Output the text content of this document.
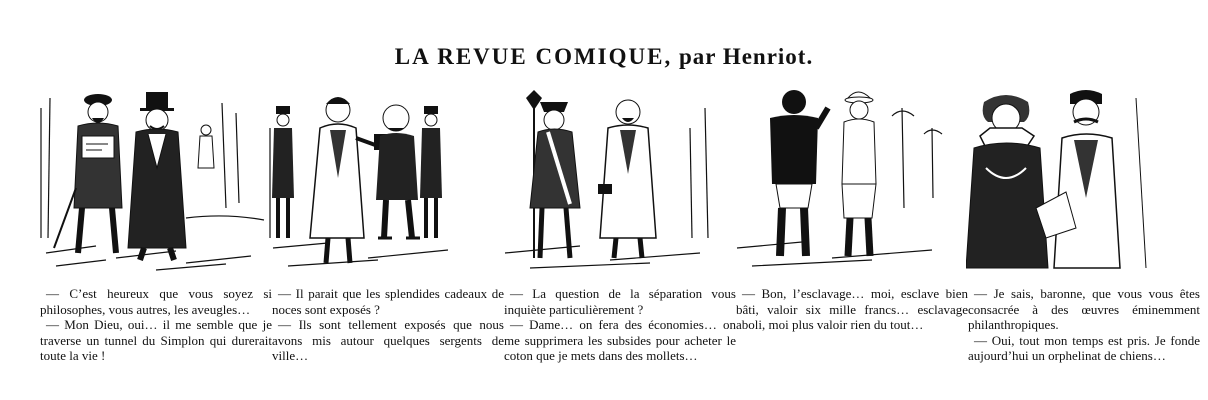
LA REVUE COMIQUE, par Henriot.

— C’est heureux que vous soyez si philosophes, vous autres, les aveugles…

— Mon Dieu, oui… il me semble que je traverse un tunnel du Simplon qui durerait toute la vie !

— Il parait que les splendides cadeaux de noces sont exposés ?

— Ils sont tellement exposés que nous avons mis autour quelques sergents de ville…

— La question de la séparation vous inquiète particulièrement ?

— Dame… on fera des économies… on me supprimera les subsides pour acheter le coton que je mets dans des mollets…

— Bon, l’esclavage… moi, esclave bien bâti, valoir six mille francs… esclavage aboli, moi plus valoir rien du tout…

— Je sais, baronne, que vous vous êtes consacrée à des œuvres éminemment philanthropiques.

— Oui, tout mon temps est pris. Je fonde aujourd’hui un orphelinat de chiens…
